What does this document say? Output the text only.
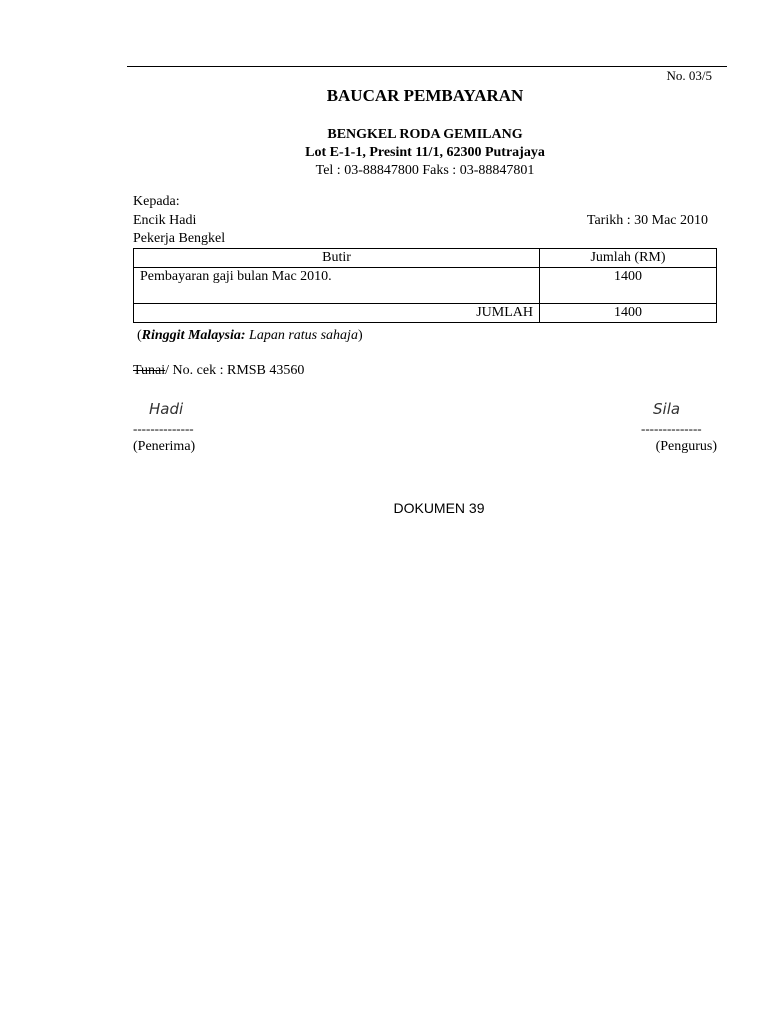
No. 03/5
BAUCAR PEMBAYARAN
BENGKEL RODA GEMILANG
Lot E-1-1, Presint 11/1, 62300 Putrajaya
Tel : 03-88847800 Faks : 03-88847801
Kepada:
Encik Hadi
Pekerja Bengkel
Tarikh : 30 Mac 2010
Butir	Jumlah (RM)
Pembayaran gaji bulan Mac 2010.	1400
JUMLAH	1400
(Ringgit Malaysia: Lapan ratus sahaja)
Tunai/ No. cek : RMSB 43560
Hadi
--------------
(Penerima)
Sila
--------------
(Pengurus)
DOKUMEN 39
